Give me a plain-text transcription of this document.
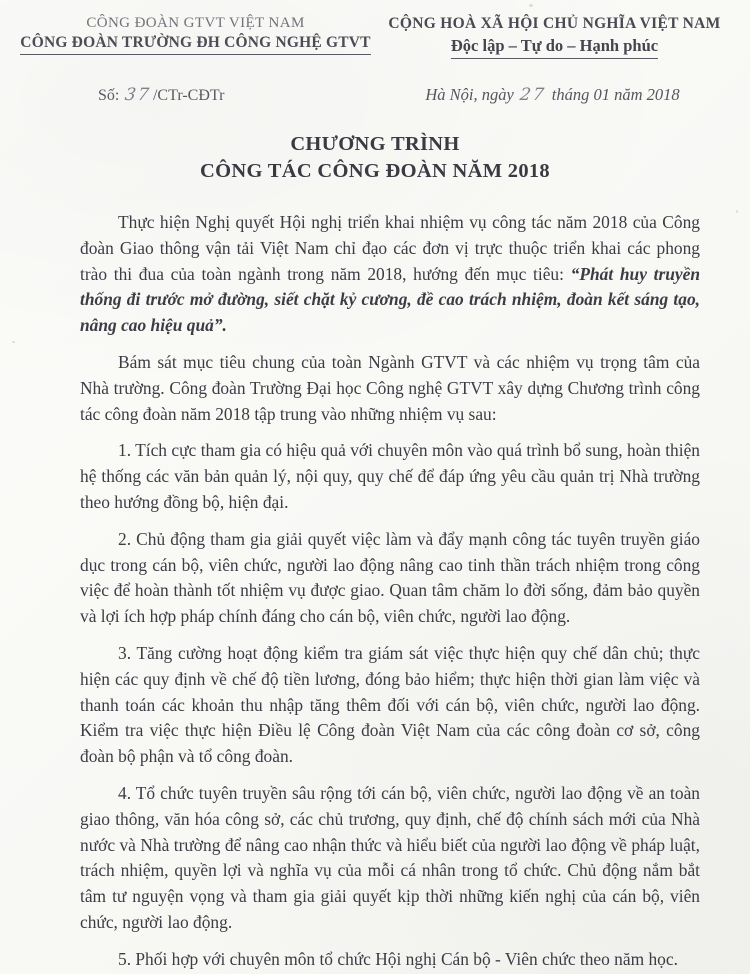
CÔNG ĐOÀN GTVT VIỆT NAM
CÔNG ĐOÀN TRƯỜNG ĐH CÔNG NGHỆ GTVT
CỘNG HOÀ XÃ HỘI CHỦ NGHĨA VIỆT NAM
Độc lập – Tự do – Hạnh phúc
Số: 37/CTr-CĐTr	Hà Nội, ngày 27 tháng 01 năm 2018
CHƯƠNG TRÌNH
CÔNG TÁC CÔNG ĐOÀN NĂM 2018

Thực hiện Nghị quyết Hội nghị triển khai nhiệm vụ công tác năm 2018 của Công đoàn Giao thông vận tải Việt Nam chỉ đạo các đơn vị trực thuộc triển khai các phong trào thi đua của toàn ngành trong năm 2018, hướng đến mục tiêu: “Phát huy truyền thống đi trước mở đường, siết chặt kỷ cương, đề cao trách nhiệm, đoàn kết sáng tạo, nâng cao hiệu quả”.

Bám sát mục tiêu chung của toàn Ngành GTVT và các nhiệm vụ trọng tâm của Nhà trường. Công đoàn Trường Đại học Công nghệ GTVT xây dựng Chương trình công tác công đoàn năm 2018 tập trung vào những nhiệm vụ sau:

1. Tích cực tham gia có hiệu quả với chuyên môn vào quá trình bổ sung, hoàn thiện hệ thống các văn bản quản lý, nội quy, quy chế để đáp ứng yêu cầu quản trị Nhà trường theo hướng đồng bộ, hiện đại.

2. Chủ động tham gia giải quyết việc làm và đẩy mạnh công tác tuyên truyền giáo dục trong cán bộ, viên chức, người lao động nâng cao tinh thần trách nhiệm trong công việc để hoàn thành tốt nhiệm vụ được giao. Quan tâm chăm lo đời sống, đảm bảo quyền và lợi ích hợp pháp chính đáng cho cán bộ, viên chức, người lao động.

3. Tăng cường hoạt động kiểm tra giám sát việc thực hiện quy chế dân chủ; thực hiện các quy định về chế độ tiền lương, đóng bảo hiểm; thực hiện thời gian làm việc và thanh toán các khoản thu nhập tăng thêm đối với cán bộ, viên chức, người lao động. Kiểm tra việc thực hiện Điều lệ Công đoàn Việt Nam của các công đoàn cơ sở, công đoàn bộ phận và tổ công đoàn.

4. Tổ chức tuyên truyền sâu rộng tới cán bộ, viên chức, người lao động về an toàn giao thông, văn hóa công sở, các chủ trương, quy định, chế độ chính sách mới của Nhà nước và Nhà trường để nâng cao nhận thức và hiểu biết của người lao động về pháp luật, trách nhiệm, quyền lợi và nghĩa vụ của mỗi cá nhân trong tổ chức. Chủ động nắm bắt tâm tư nguyện vọng và tham gia giải quyết kịp thời những kiến nghị của cán bộ, viên chức, người lao động.

5. Phối hợp với chuyên môn tổ chức Hội nghị Cán bộ - Viên chức theo năm học.
